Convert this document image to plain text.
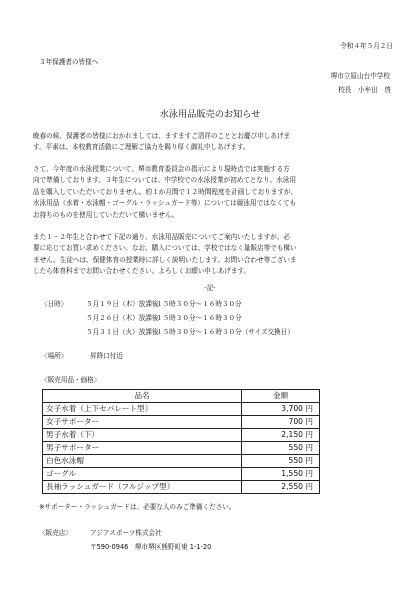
令和４年５月２日
３年保護者の皆様へ
堺市立原山台中学校
校長　小牟田　啓
水泳用品販売のお知らせ
晩春の候、保護者の皆様におかれましては、ますますご清祥のこととお慶び申しあげま
す。平素は、本校教育活動にご理解ご協力を賜り厚く御礼申しあげます。
さて、今年度の水泳授業について、堺市教育委員会の指示により現時点では実施する方
向で準備しております。３年生については、中学校での水泳授業が初めてとなり、水泳用
品を購入していただいておりません。約１か月間で１２時間程度を計画しておりますが、
水泳用品（水着・水泳帽・ゴーグル・ラッシュガード等）については競泳用ではなくても
お持ちのものを使用していただいて構いません。
また１・２年生と合わせて下記の通り、水泳用品販売についてご案内いたしますが、必
要に応じてお買い求めください。なお、購入については、学校ではなく量販店等でも構い
ません。生徒へは、保健体育の授業時に詳しく説明いたします。お問い合わせ等ございま
したら体育科までお問い合わせください。よろしくお願い申しあげます。
-記-
〈日時〉	５月１９日（木）放課後
１５時３０分～１６時３０分
５月２６日（木）放課後
１５時３０分～１６時３０分
５月３１日（火）放課後
１５時３０分～１６時３０分（サイズ交換日）
〈場所〉	昇降口付近
〈販売用品・価格〉
品名	金額
女子水着（上下セパレート型）	3,700 円
女子サポーター	700 円
男子水着（下）	2,150 円
男子サポーター	550 円
白色水泳帽	550 円
ゴーグル	1,550 円
長袖ラッシュガード（フルジップ型）	2,550 円
※サポーター・ラッシュガードは、必要な人のみご準備ください。
〈販売店〉	アジアスポーツ株式会社
〒590-0946　堺市堺区熊野町東 1-1-20
